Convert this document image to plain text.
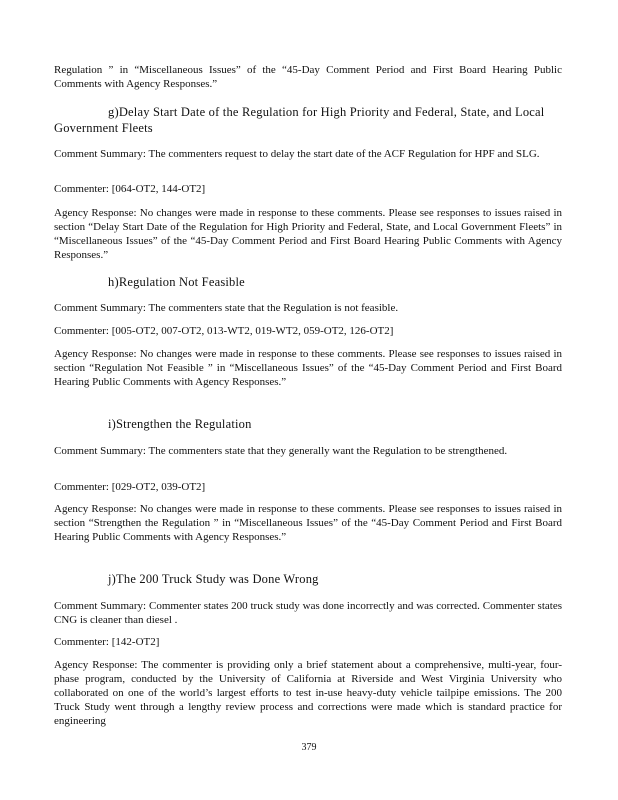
Regulation ” in “Miscellaneous Issues” of the “45-Day Comment Period and First Board Hearing Public Comments with Agency Responses.”
g)Delay Start Date of the Regulation for High Priority and Federal, State, and Local Government Fleets
Comment Summary: The commenters request to delay the start date of the ACF Regulation for HPF and SLG.
Commenter: [064-OT2, 144-OT2]
Agency Response: No changes were made in response to these comments. Please see responses to issues raised in section “Delay Start Date of the Regulation for High Priority and Federal, State, and Local Government Fleets” in “Miscellaneous Issues” of the “45-Day Comment Period and First Board Hearing Public Comments with Agency Responses.”
h)Regulation Not Feasible
Comment Summary: The commenters state that the Regulation is not feasible.
Commenter: [005-OT2, 007-OT2, 013-WT2, 019-WT2, 059-OT2, 126-OT2]
Agency Response: No changes were made in response to these comments. Please see responses to issues raised in section “Regulation Not Feasible ” in “Miscellaneous Issues” of the “45-Day Comment Period and First Board Hearing Public Comments with Agency Responses.”
i)Strengthen the Regulation
Comment Summary: The commenters state that they generally want the Regulation to be strengthened.
Commenter: [029-OT2, 039-OT2]
Agency Response: No changes were made in response to these comments. Please see responses to issues raised in section “Strengthen the Regulation ” in “Miscellaneous Issues” of the “45-Day Comment Period and First Board Hearing Public Comments with Agency Responses.”
j)The 200 Truck Study was Done Wrong
Comment Summary: Commenter states 200 truck study was done incorrectly and was corrected. Commenter states CNG is cleaner than diesel .
Commenter: [142-OT2]
Agency Response: The commenter is providing only a brief statement about a comprehensive, multi-year, four-phase program, conducted by the University of California at Riverside and West Virginia University who collaborated on one of the world’s largest efforts to test in-use heavy-duty vehicle tailpipe emissions. The 200 Truck Study went through a lengthy review process and corrections were made which is standard practice for engineering
379
